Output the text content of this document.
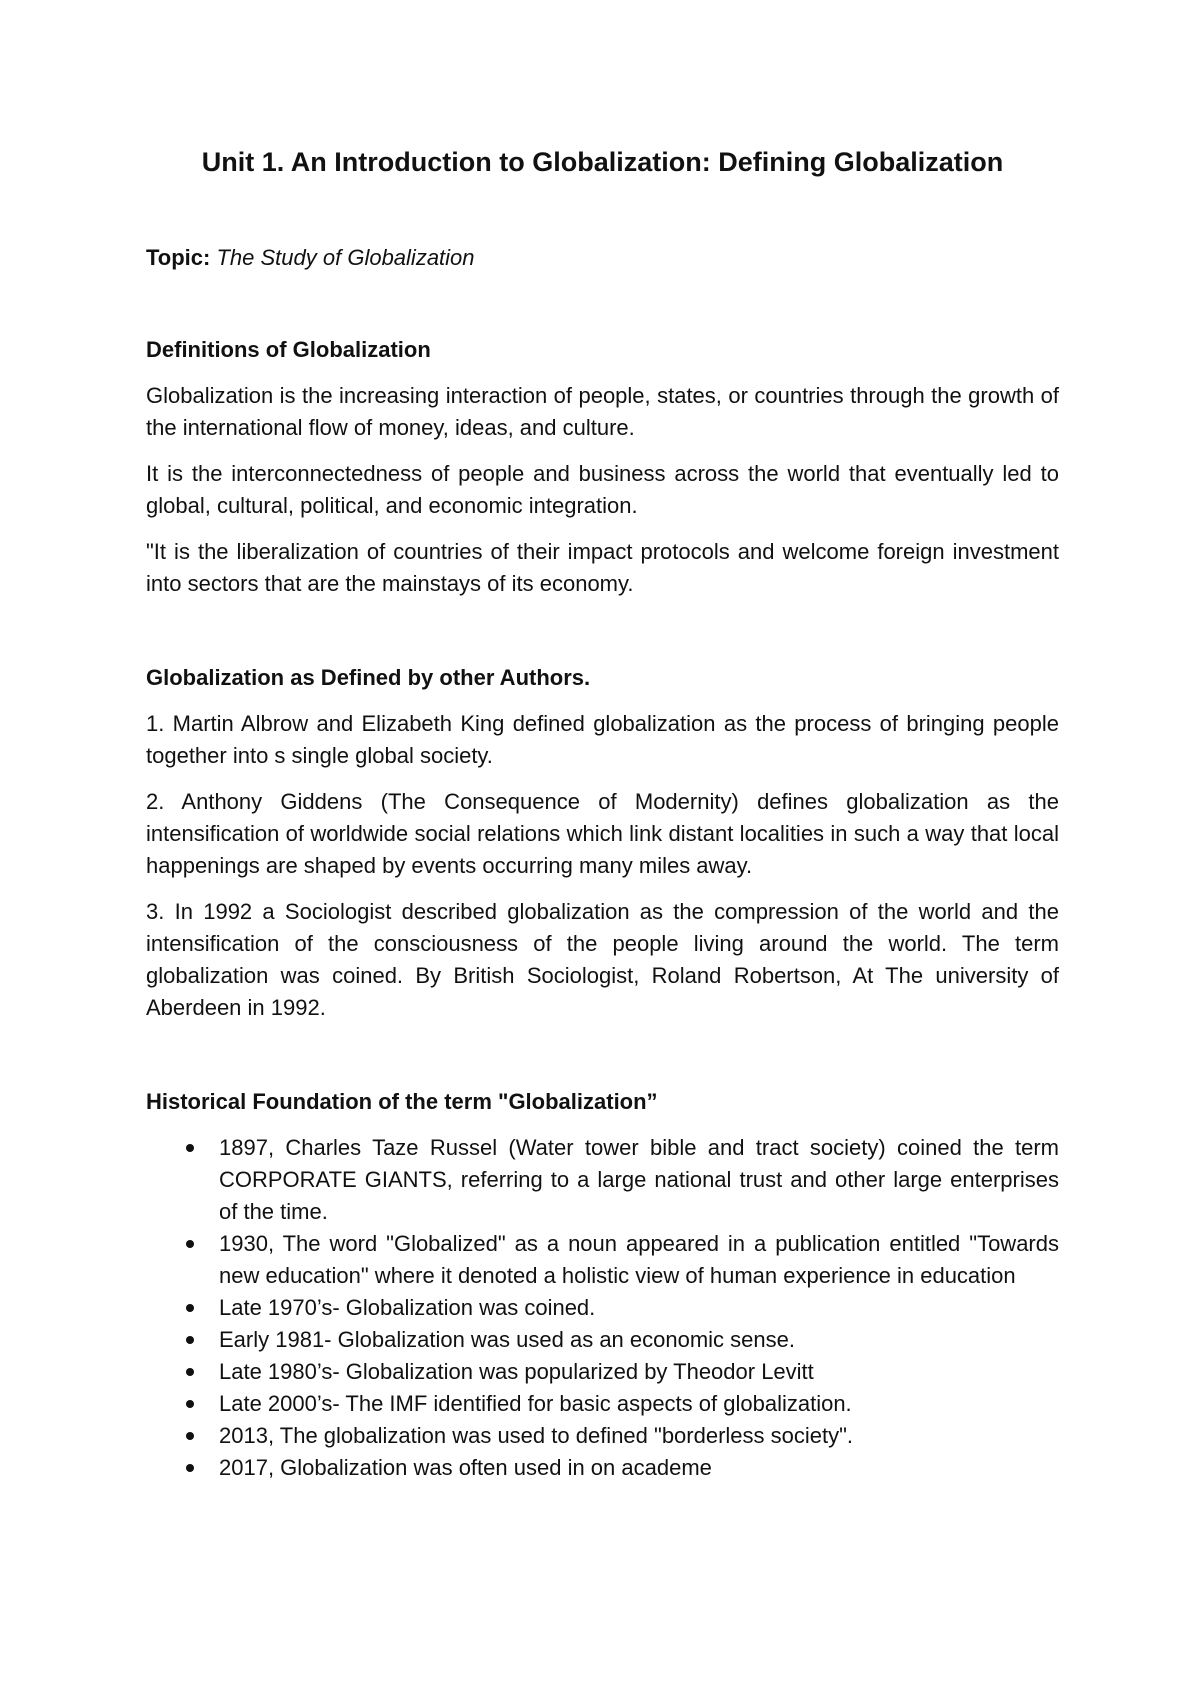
Unit 1. An Introduction to Globalization: Defining Globalization
Topic: The Study of Globalization
Definitions of Globalization

Globalization is the increasing interaction of people, states, or countries through the growth of the international flow of money, ideas, and culture.

It is the interconnectedness of people and business across the world that eventually led to global, cultural, political, and economic integration.

"It is the liberalization of countries of their impact protocols and welcome foreign investment into sectors that are the mainstays of its economy.

Globalization as Defined by other Authors.

1. Martin Albrow and Elizabeth King defined globalization as the process of bringing people together into s single global society.

2. Anthony Giddens (The Consequence of Modernity) defines globalization as the intensification of worldwide social relations which link distant localities in such a way that local happenings are shaped by events occurring many miles away.

3. In 1992 a Sociologist described globalization as the compression of the world and the intensification of the consciousness of the people living around the world. The term globalization was coined. By British Sociologist, Roland Robertson, At The university of Aberdeen in 1992.

Historical Foundation of the term "Globalization”
1897, Charles Taze Russel (Water tower bible and tract society) coined the term CORPORATE GIANTS, referring to a large national trust and other large enterprises of the time.
1930, The word "Globalized" as a noun appeared in a publication entitled "Towards new education" where it denoted a holistic view of human experience in education
Late 1970’s- Globalization was coined.
Early 1981- Globalization was used as an economic sense.
Late 1980’s- Globalization was popularized by Theodor Levitt
Late 2000’s- The IMF identified for basic aspects of globalization.
2013, The globalization was used to defined "borderless society".
2017, Globalization was often used in on academe
